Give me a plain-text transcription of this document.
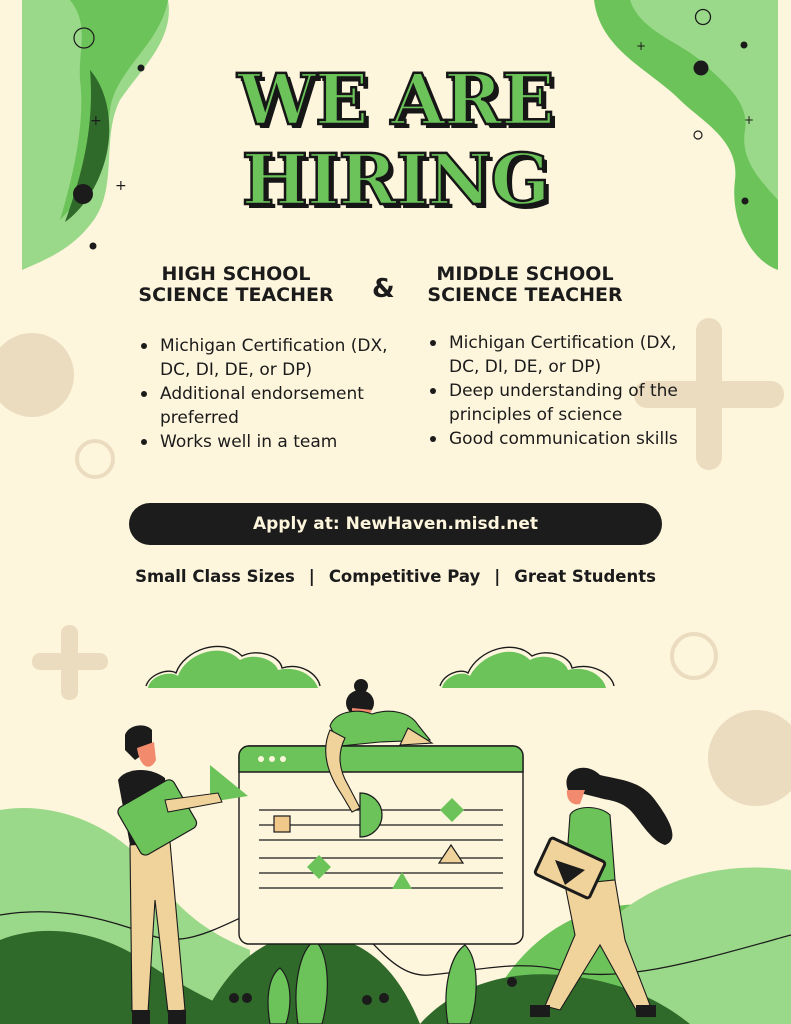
+
+
+
+
WE ARE
HIRING
HIGH SCHOOL
SCIENCE TEACHER	&	MIDDLE SCHOOL
SCIENCE TEACHER
Michigan Certification (DX, DC, DI, DE, or DP)
Additional endorsement preferred
Works well in a team
Michigan Certification (DX, DC, DI, DE, or DP)
Deep understanding of the principles of science
Good communication skills
Apply at: NewHaven.misd.net
Small Class Sizes | Competitive Pay | Great Students
